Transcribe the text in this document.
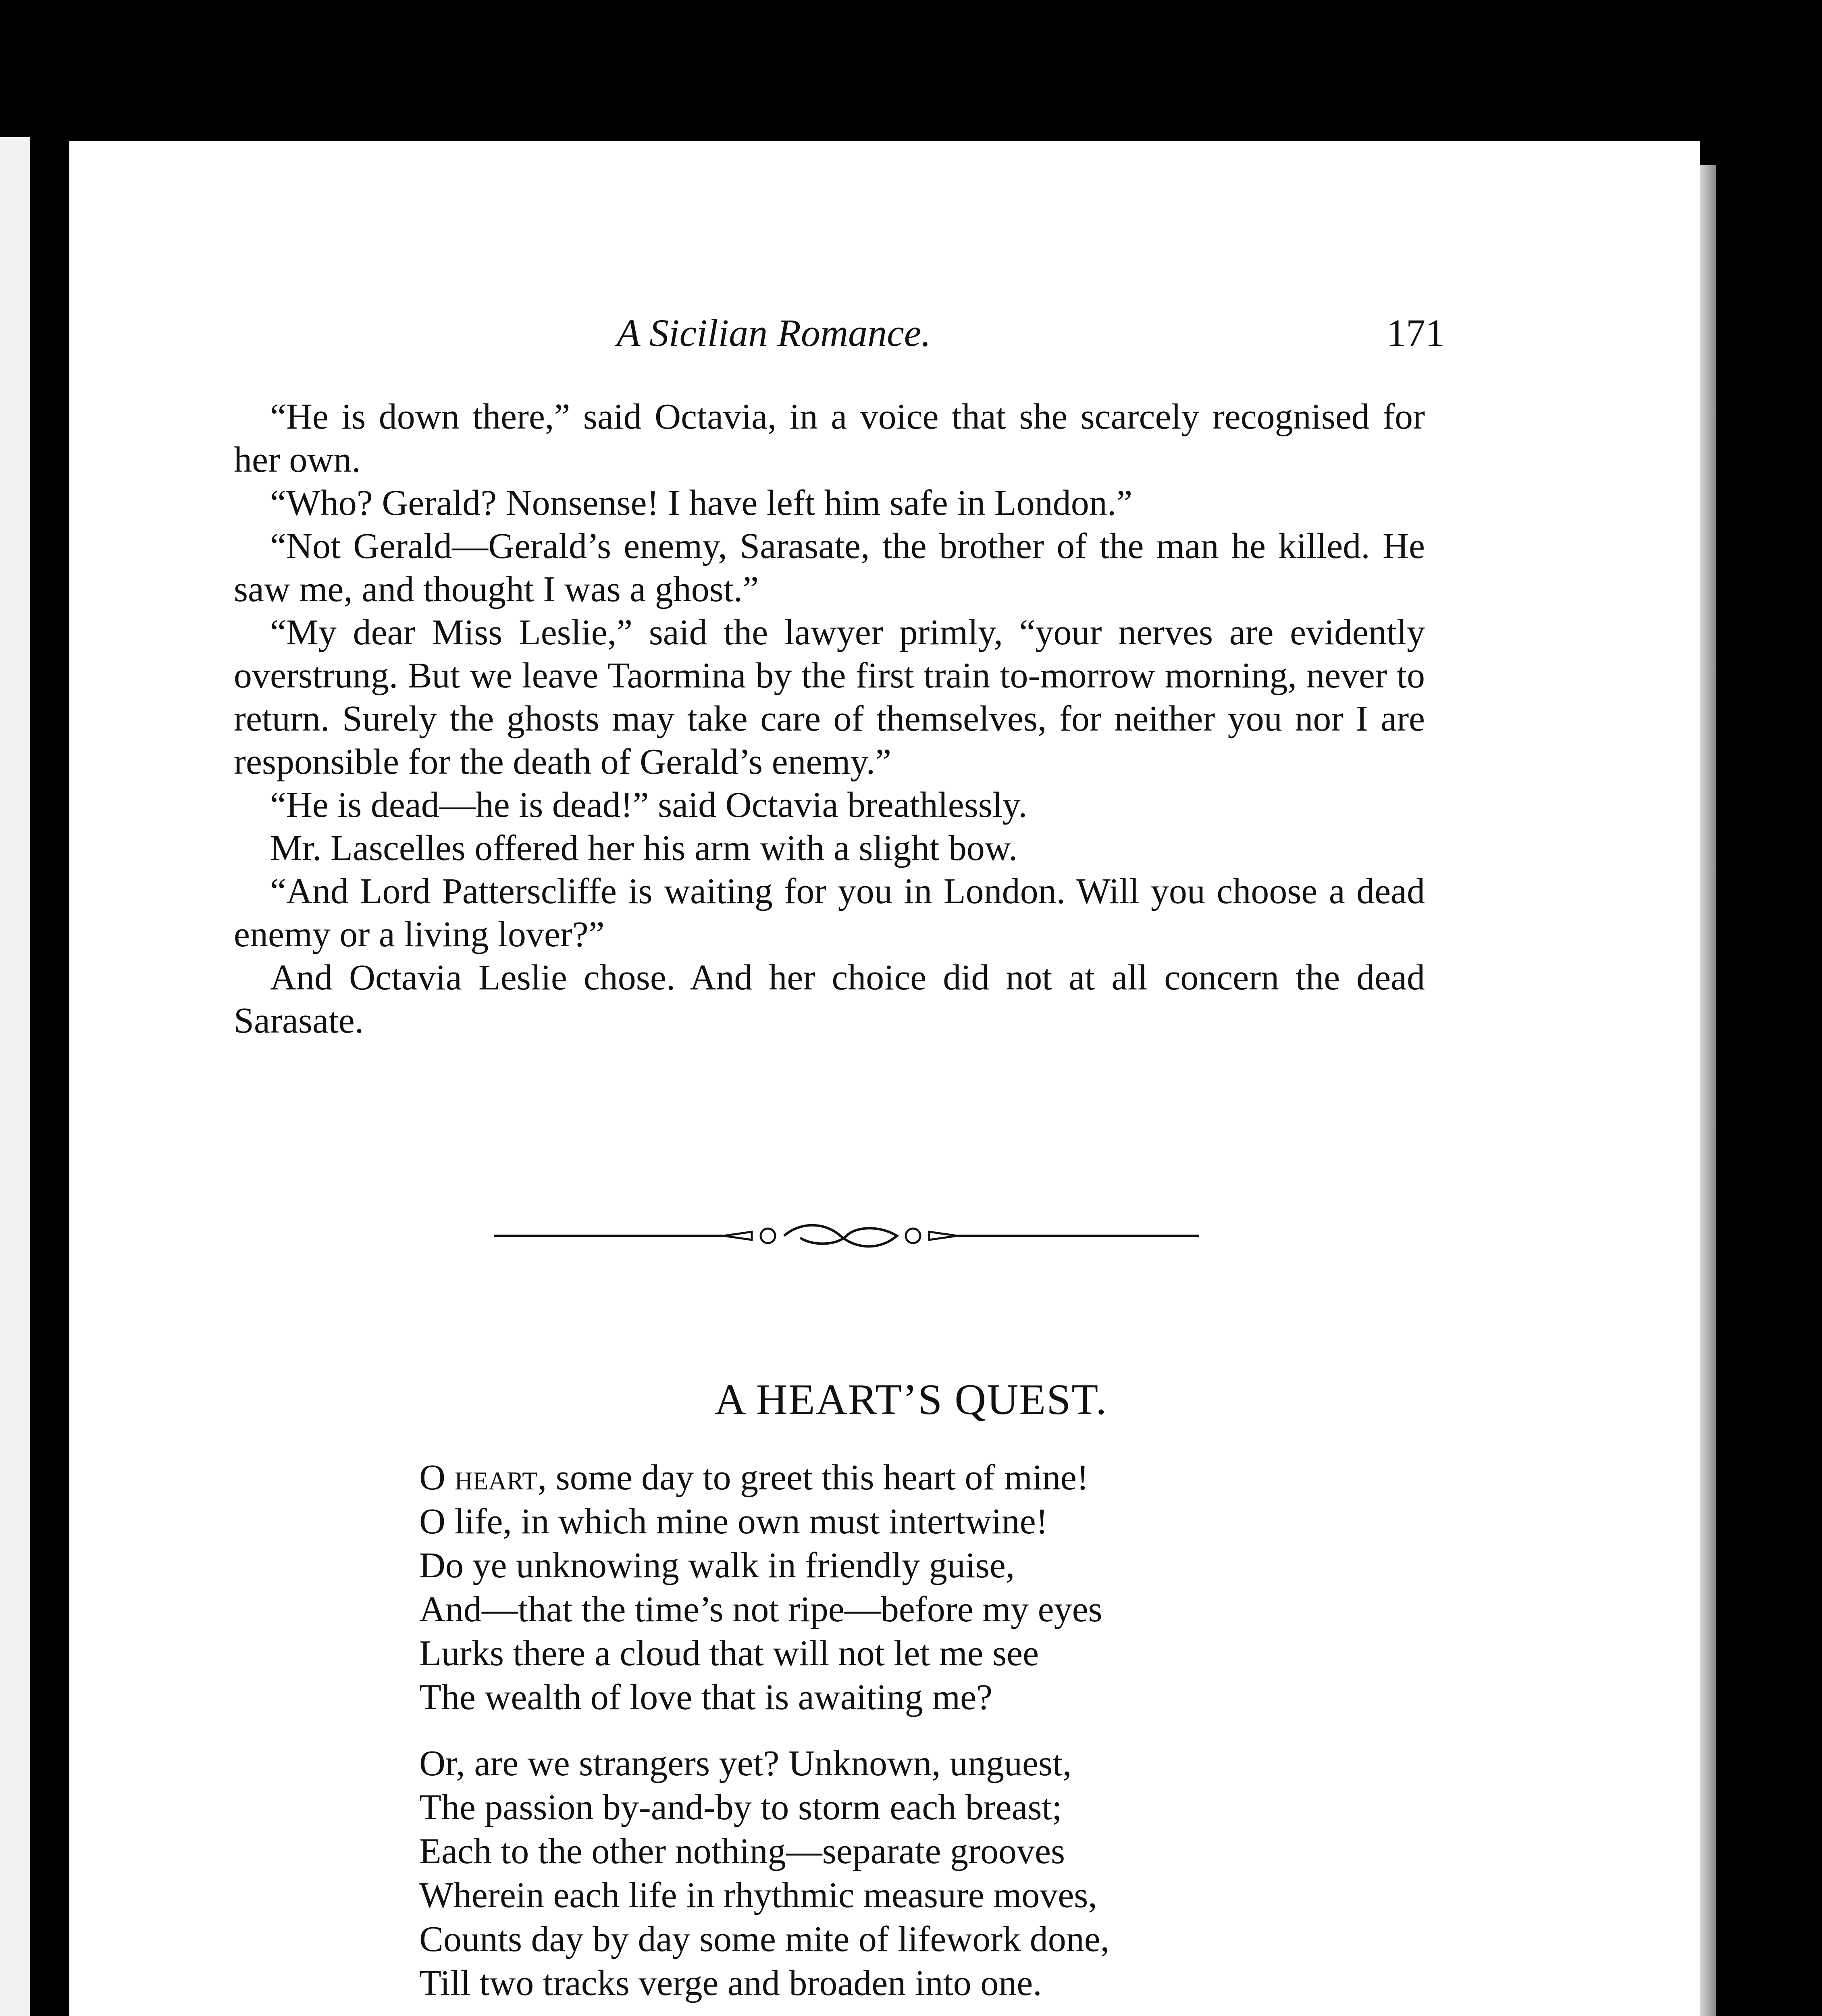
A Sicilian Romance.	171

“He is down there,” said Octavia, in a voice that she scarcely recognised for her own.

“Who? Gerald? Nonsense! I have left him safe in London.”

“Not Gerald—Gerald’s enemy, Sarasate, the brother of the man he killed. He saw me, and thought I was a ghost.”

“My dear Miss Leslie,” said the lawyer primly, “your nerves are evidently overstrung. But we leave Taormina by the first train to-morrow morning, never to return. Surely the ghosts may take care of themselves, for neither you nor I are responsible for the death of Gerald’s enemy.”

“He is dead—he is dead!” said Octavia breathlessly.

Mr. Lascelles offered her his arm with a slight bow.

“And Lord Patterscliffe is waiting for you in London. Will you choose a dead enemy or a living lover?”

And Octavia Leslie chose. And her choice did not at all concern the dead Sarasate.

A HEART’S QUEST.
O heart, some day to greet this heart of mine!
O life, in which mine own must intertwine!
Do ye unknowing walk in friendly guise,
And—that the time’s not ripe—before my eyes
Lurks there a cloud that will not let me see
The wealth of love that is awaiting me?
Or, are we strangers yet? Unknown, unguest,
The passion by-and-by to storm each breast;
Each to the other nothing—separate grooves
Wherein each life in rhythmic measure moves,
Counts day by day some mite of lifework done,
Till two tracks verge and broaden into one.
